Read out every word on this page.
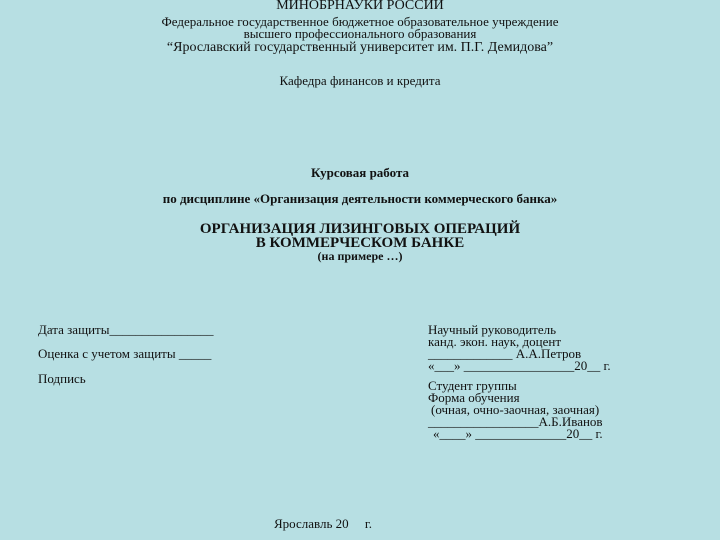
МИНОБРНАУКИ РОССИИ
Федеральное государственное бюджетное образовательное учреждение
высшего профессионального образования
“Ярославский государственный университет им. П.Г. Демидова”
Кафедра финансов и кредита
Курсовая работа
по дисциплине «Организация деятельности коммерческого банка»
ОРГАНИЗАЦИЯ ЛИЗИНГОВЫХ ОПЕРАЦИЙ
В КОММЕРЧЕСКОМ БАНКЕ
(на примере …)
Дата защиты________________
Оценка с учетом защиты _____
Подпись
Научный руководитель
канд. экон. наук, доцент
_____________ А.А.Петров
«___» _________________20__ г.
Студент группы
Форма обучения
(очная, очно-заочная, заочная)
_________________А.Б.Иванов
«____» ______________20__ г.
Ярославль 20     г.
